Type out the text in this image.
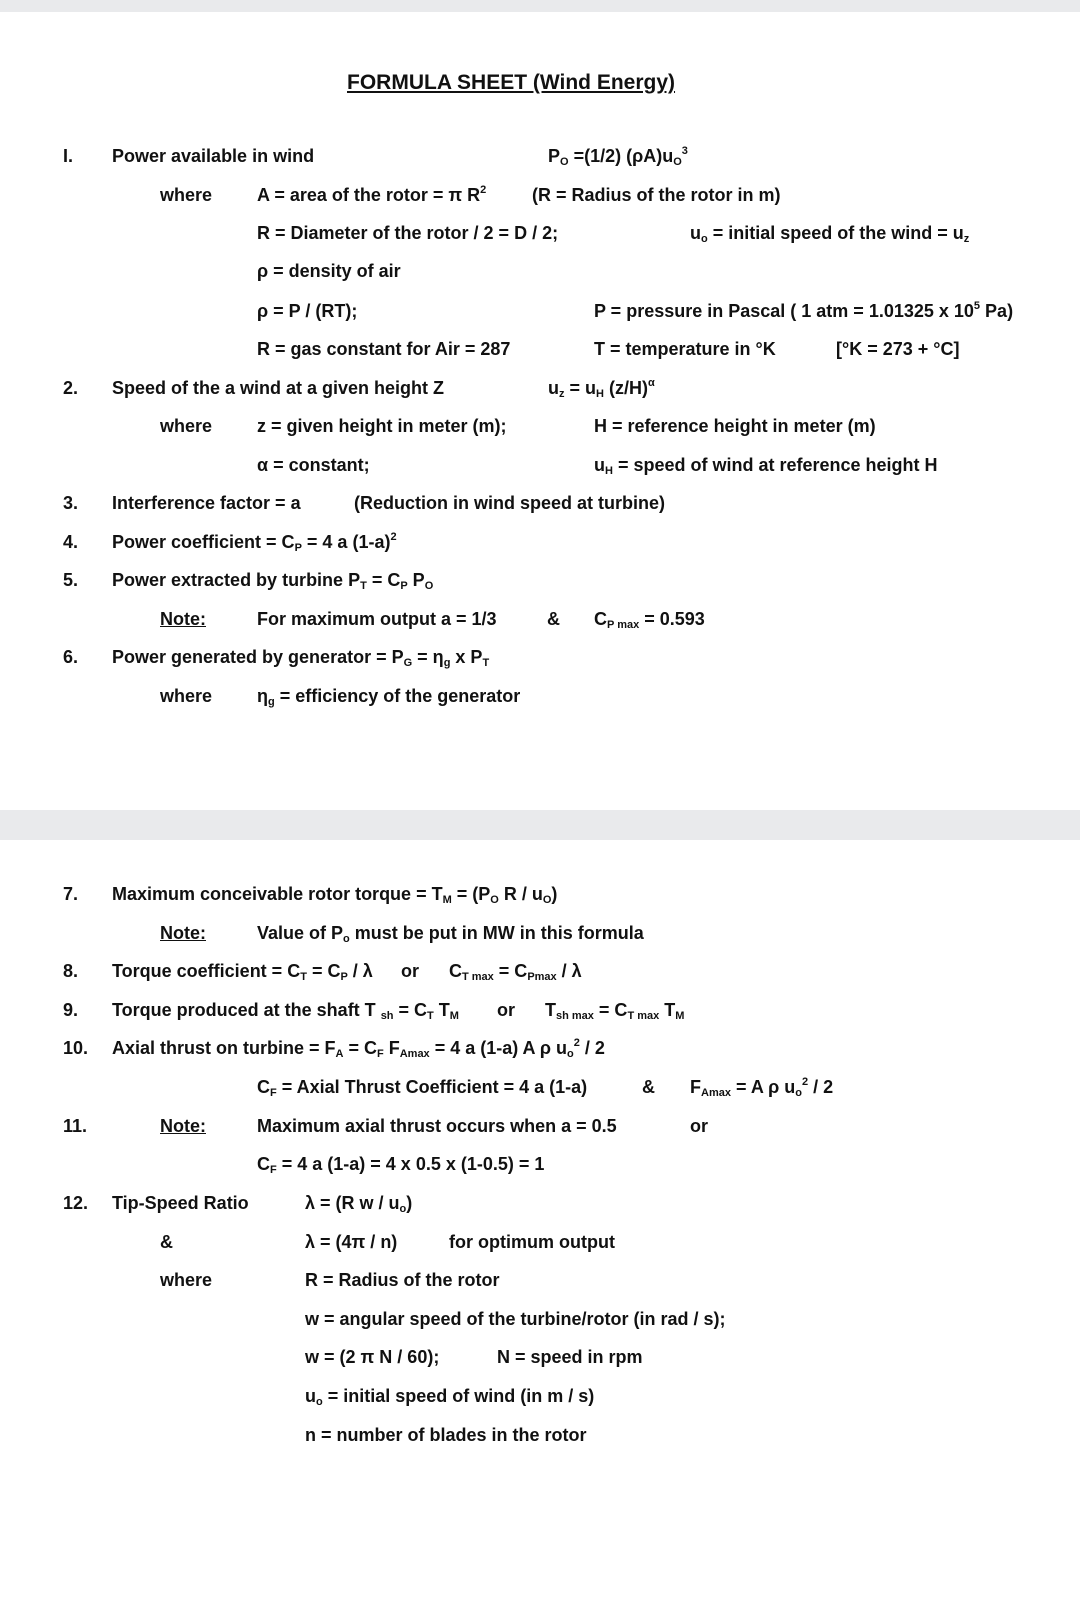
FORMULA SHEET (Wind Energy)
I. Power available in wind	$P_O =(1/2)$ $(\rho A)u_O^3$
where A = area of the rotor = π $R^2$	(R = Radius of the rotor in m)
R = Diameter of the rotor / 2 = D / 2;	$u_o$ = initial speed of the wind = $u_z$
ρ = density of air
ρ = P / (RT);	P = pressure in Pascal ( 1 atm = 1.01325 x $10^5$ Pa)
R = gas constant for Air = 287	T = temperature in °K	[°K = 273 + °C]
2. Speed of the a wind at a given height Z	$u_z = u_H$ $(z/H)^\alpha$
where z = given height in meter (m);	H = reference height in meter (m)
α = constant;	$u_H$ = speed of wind at reference height H
3. Interference factor = a	(Reduction in wind speed at turbine)
4. Power coefficient = $C_P = 4$ a $(1-a)^2$
5. Power extracted by turbine $P_T = C_P$ $P_O$
Note:	For maximum output a = 1/3	& $C_{P max} = 0.593$
6. Power generated by generator = $P_G = \eta_g$ x $P_T$
where $\eta_g$ = efficiency of the generator
7. Maximum conceivable rotor torque = $T_M = (P_O$ R / $u_O$)
Note:	Value of $P_o$ must be put in MW in this formula
8. Torque coefficient = $C_T = C_P / \lambda$ or $C_{T max} = C_{Pmax} / \lambda$
9. Torque produced at the shaft T $_{sh} = C_T$ $T_M$ or $T_{sh max} = C_{T max}$ $T_M$
10. Axial thrust on turbine = $F_A = C_F$ $F_{Amax} = 4$ a (1-a) A ρ $u_o^2 / 2$
$C_F$ = Axial Thrust Coefficient = 4 a (1-a)	& $F_{Amax} = A$ ρ $u_o^2 / 2$
11.	Note:	Maximum axial thrust occurs when a = 0.5	or
$C_F = 4$ a (1-a) = 4 x 0.5 x (1-0.5) = 1
12. Tip-Speed Ratio	λ = (R w / $u_o$)
&	λ = (4π / n)	for optimum output
where	R = Radius of the rotor
w = angular speed of the turbine/rotor (in rad / s);
w = (2 π N / 60);	N = speed in rpm
$u_o$ = initial speed of wind (in m / s)
n = number of blades in the rotor
